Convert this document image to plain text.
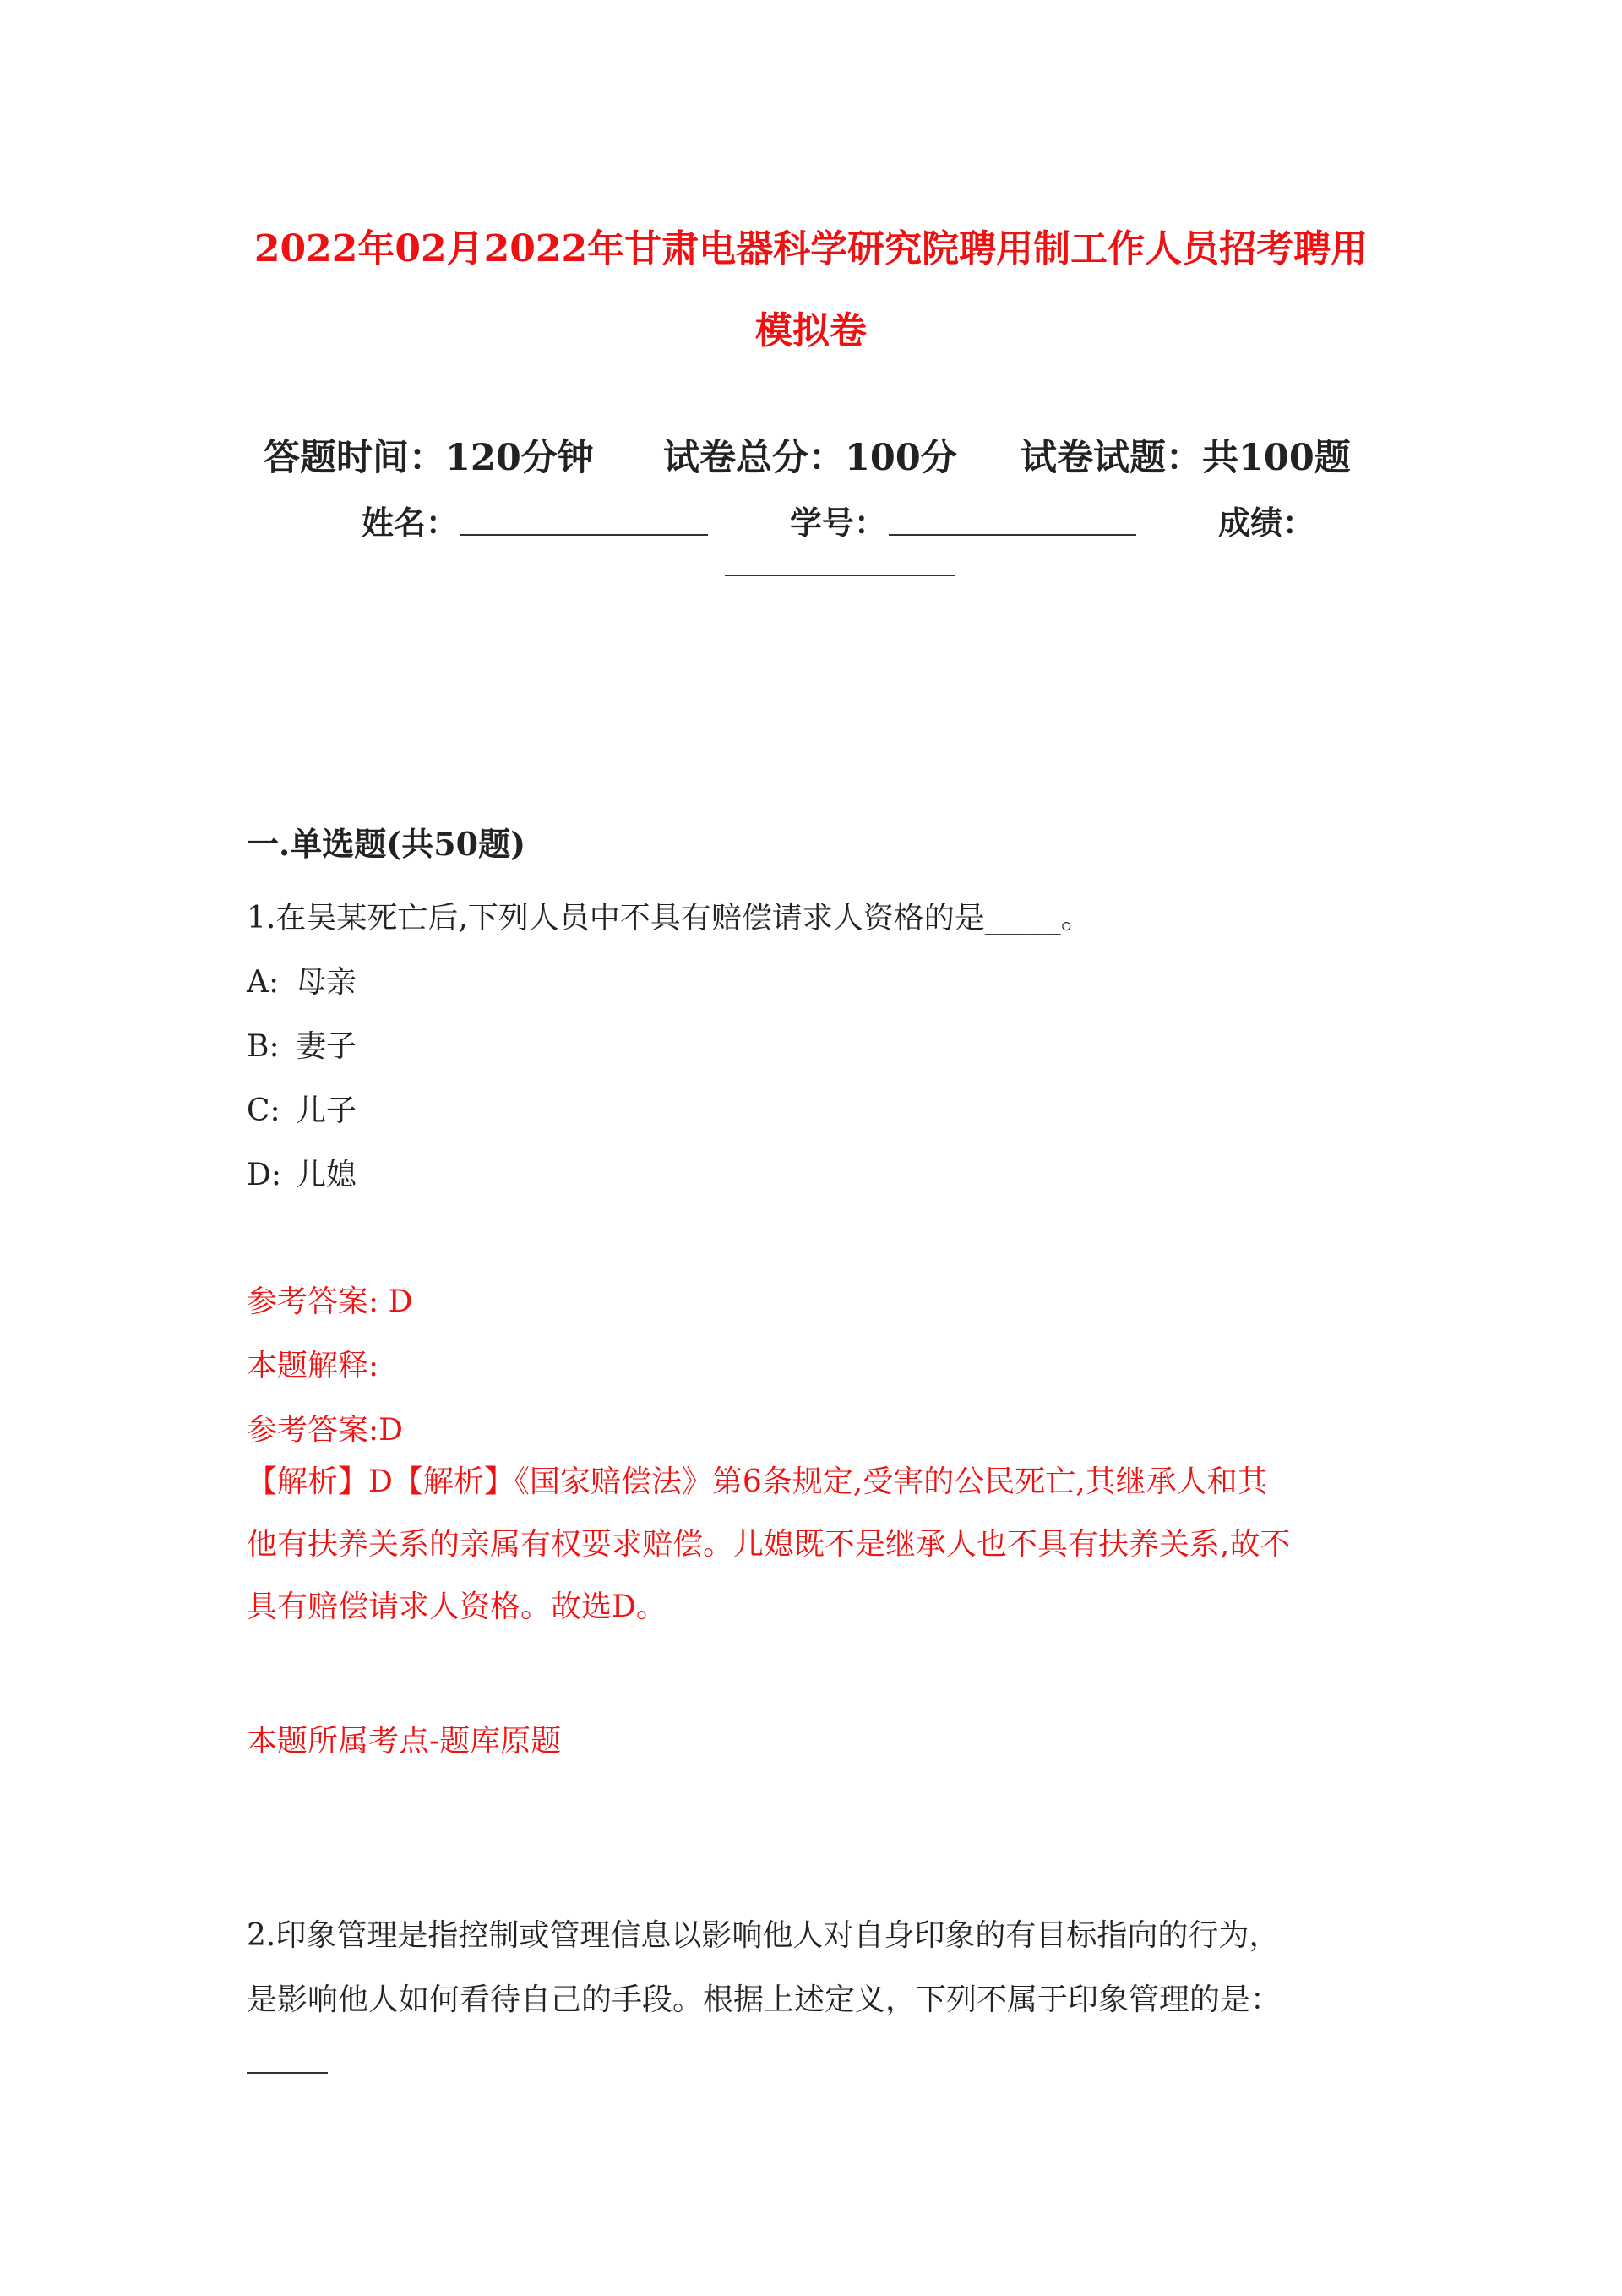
2022年02月2022年甘肃电器科学研究院聘用制工作人员招考聘用
模拟卷
答题时间：120分钟 试卷总分：100分 试卷试题：共100题
姓名：	学号：	成绩：
一.单选题(共50题)
1.在吴某死亡后,下列人员中不具有赔偿请求人资格的是_____。
A: 母亲
B: 妻子
C: 儿子
D: 儿媳
参考答案: D
本题解释:
参考答案:D
【解析】D【解析】《国家赔偿法》第6条规定,受害的公民死亡,其继承人和其
他有扶养关系的亲属有权要求赔偿。儿媳既不是继承人也不具有扶养关系,故不
具有赔偿请求人资格。故选D。
本题所属考点-题库原题
2.印象管理是指控制或管理信息以影响他人对自身印象的有目标指向的行为，
是影响他人如何看待自己的手段。根据上述定义，下列不属于印象管理的是：
